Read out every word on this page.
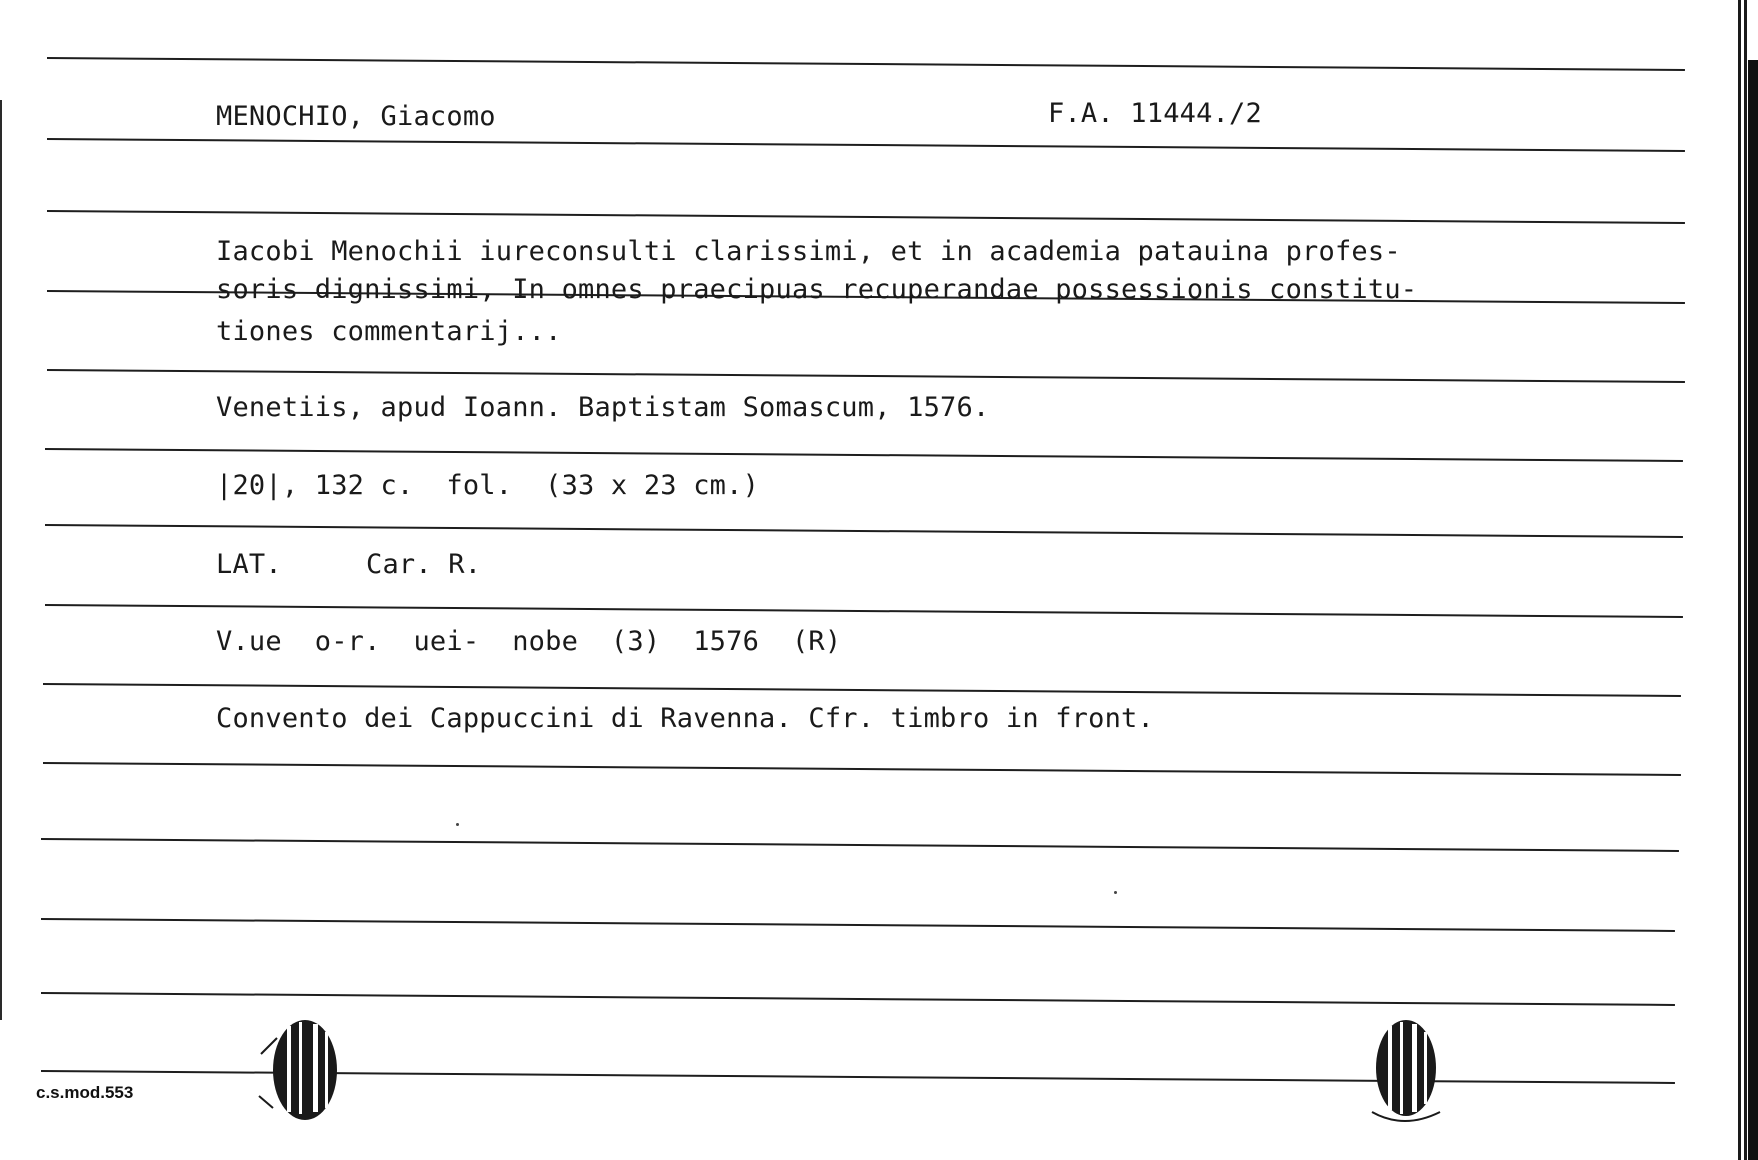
MENOCHIO, Giacomo	F.A. 11444./2
Iacobi Menochii iureconsulti clarissimi, et in academia patauina profes-
soris dignissimi, In omnes praecipuas recuperandae possessionis constitu-
tiones commentarij...
Venetiis, apud Ioann. Baptistam Somascum, 1576.
|20|, 132 c.  fol.  (33 x 23 cm.)
LAT.	Car. R.
V.ue  o-r.  uei-  nobe  (3)  1576  (R)
Convento dei Cappuccini di Ravenna. Cfr. timbro in front.
c.s.mod.553
